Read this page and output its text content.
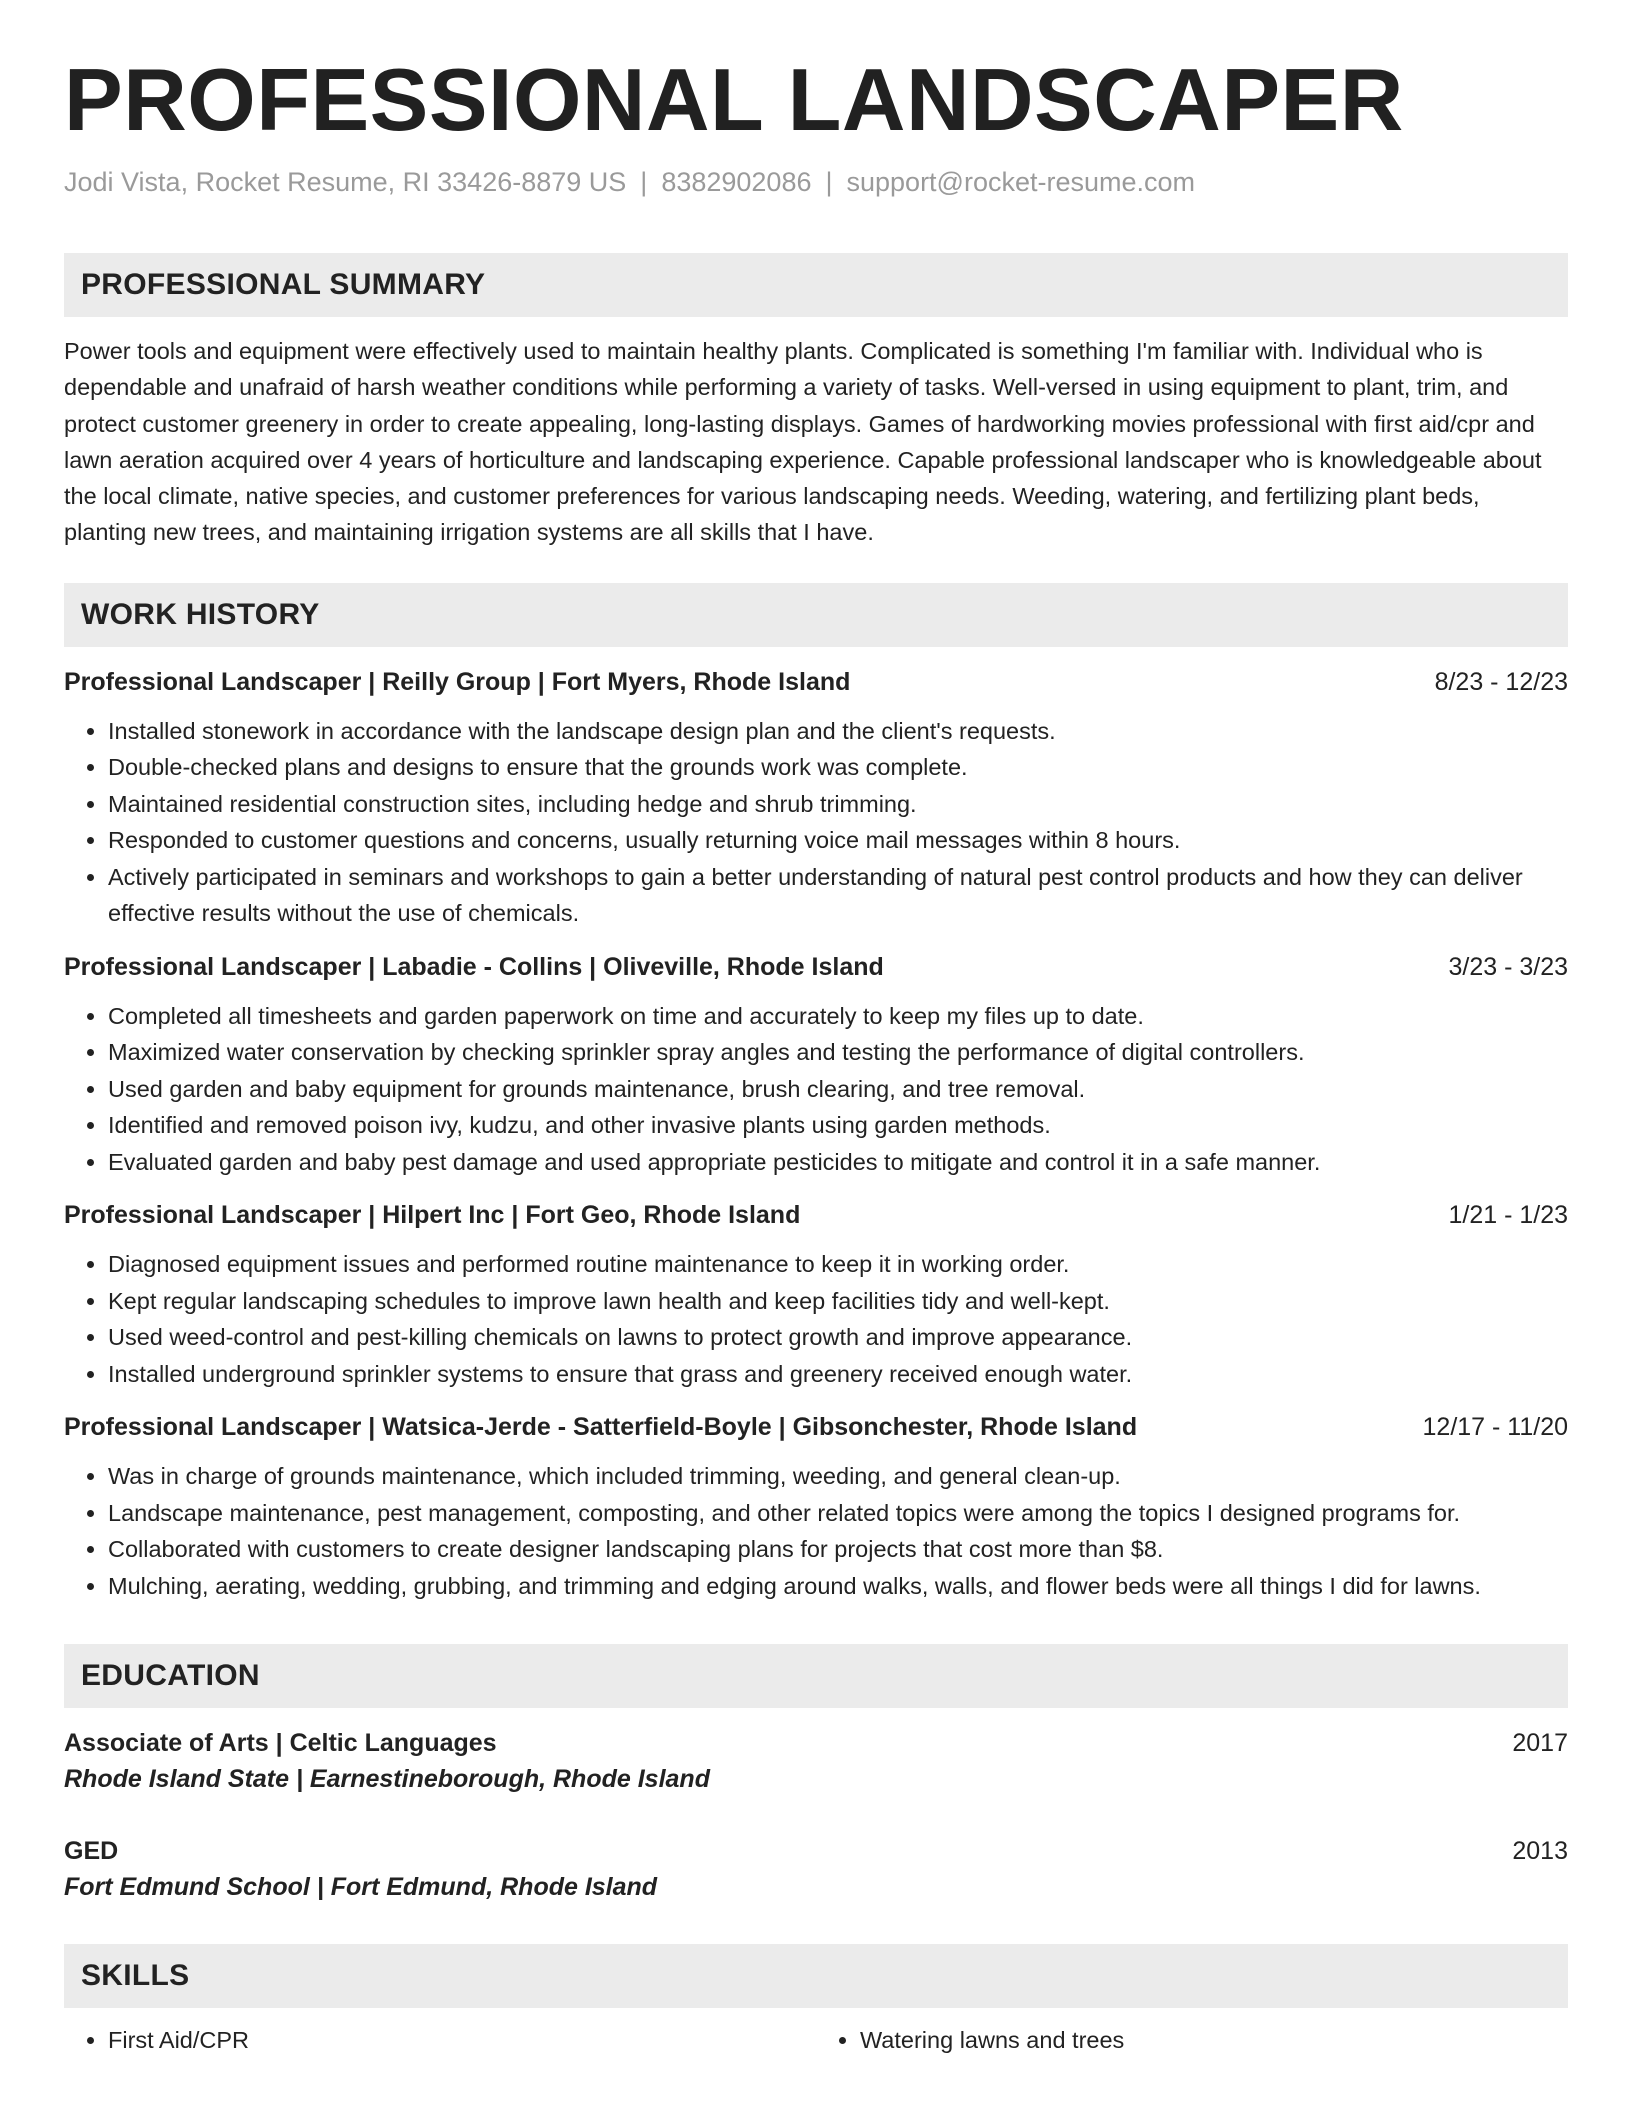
PROFESSIONAL LANDSCAPER
Jodi Vista, Rocket Resume, RI 33426-8879 US | 8382902086 | support@rocket-resume.com
PROFESSIONAL SUMMARY

Power tools and equipment were effectively used to maintain healthy plants. Complicated is something I'm familiar with. Individual who is dependable and unafraid of harsh weather conditions while performing a variety of tasks. Well-versed in using equipment to plant, trim, and protect customer greenery in order to create appealing, long-lasting displays. Games of hardworking movies professional with first aid/cpr and lawn aeration acquired over 4 years of horticulture and landscaping experience. Capable professional landscaper who is knowledgeable about the local climate, native species, and customer preferences for various landscaping needs. Weeding, watering, and fertilizing plant beds, planting new trees, and maintaining irrigation systems are all skills that I have.

WORK HISTORY
Professional Landscaper | Reilly Group | Fort Myers, Rhode Island	8/23 - 12/23
• Installed stonework in accordance with the landscape design plan and the client's requests.
• Double-checked plans and designs to ensure that the grounds work was complete.
• Maintained residential construction sites, including hedge and shrub trimming.
• Responded to customer questions and concerns, usually returning voice mail messages within 8 hours.
• Actively participated in seminars and workshops to gain a better understanding of natural pest control products and how they can deliver effective results without the use of chemicals.
Professional Landscaper | Labadie - Collins | Oliveville, Rhode Island	3/23 - 3/23
• Completed all timesheets and garden paperwork on time and accurately to keep my files up to date.
• Maximized water conservation by checking sprinkler spray angles and testing the performance of digital controllers.
• Used garden and baby equipment for grounds maintenance, brush clearing, and tree removal.
• Identified and removed poison ivy, kudzu, and other invasive plants using garden methods.
• Evaluated garden and baby pest damage and used appropriate pesticides to mitigate and control it in a safe manner.
Professional Landscaper | Hilpert Inc | Fort Geo, Rhode Island	1/21 - 1/23
• Diagnosed equipment issues and performed routine maintenance to keep it in working order.
• Kept regular landscaping schedules to improve lawn health and keep facilities tidy and well-kept.
• Used weed-control and pest-killing chemicals on lawns to protect growth and improve appearance.
• Installed underground sprinkler systems to ensure that grass and greenery received enough water.
Professional Landscaper | Watsica-Jerde - Satterfield-Boyle | Gibsonchester, Rhode Island	12/17 - 11/20
• Was in charge of grounds maintenance, which included trimming, weeding, and general clean-up.
• Landscape maintenance, pest management, composting, and other related topics were among the topics I designed programs for.
• Collaborated with customers to create designer landscaping plans for projects that cost more than $8.
• Mulching, aerating, wedding, grubbing, and trimming and edging around walks, walls, and flower beds were all things I did for lawns.
EDUCATION
Associate of Arts | Celtic Languages	2017
Rhode Island State | Earnestineborough, Rhode Island
GED	2013
Fort Edmund School | Fort Edmund, Rhode Island
SKILLS
• First Aid/CPR
•	Watering lawns and trees
